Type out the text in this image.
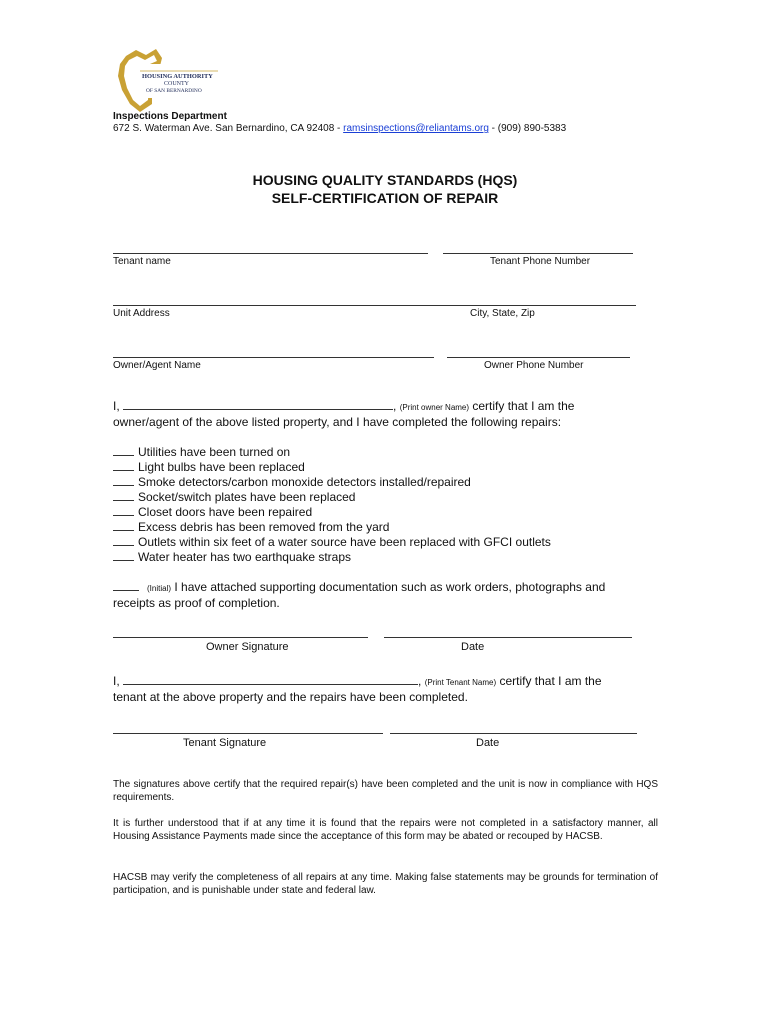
HOUSING AUTHORITY
COUNTY
OF SAN BERNARDINO
Inspections Department
672 S. Waterman Ave. San Bernardino, CA 92408 - ramsinspections@reliantams.org - (909) 890-5383
HOUSING QUALITY STANDARDS (HQS)
SELF-CERTIFICATION OF REPAIR
Tenant name	Tenant Phone Number
Unit Address	City, State, Zip
Owner/Agent Name	Owner Phone Number
I,	, (Print owner Name) certify that I am the
owner/agent of the above listed property, and I have completed the following repairs:
Utilities have been turned on
Light bulbs have been replaced
Smoke detectors/carbon monoxide detectors installed/repaired
Socket/switch plates have been replaced
Closet doors have been repaired
Excess debris has been removed from the yard
Outlets within six feet of a water source have been replaced with GFCI outlets
Water heater has two earthquake straps
(Initial) I have attached supporting documentation such as work orders, photographs and
receipts as proof of completion.
Owner Signature	Date
I,	, (Print Tenant Name) certify that I am the
tenant at the above property and the repairs have been completed.
Tenant Signature	Date
The signatures above certify that the required repair(s) have been completed and the unit is now in compliance with HQS requirements.
It is further understood that if at any time it is found that the repairs were not completed in a satisfactory manner, all Housing Assistance Payments made since the acceptance of this form may be abated or recouped by HACSB.
HACSB may verify the completeness of all repairs at any time. Making false statements may be grounds for termination of participation, and is punishable under state and federal law.
